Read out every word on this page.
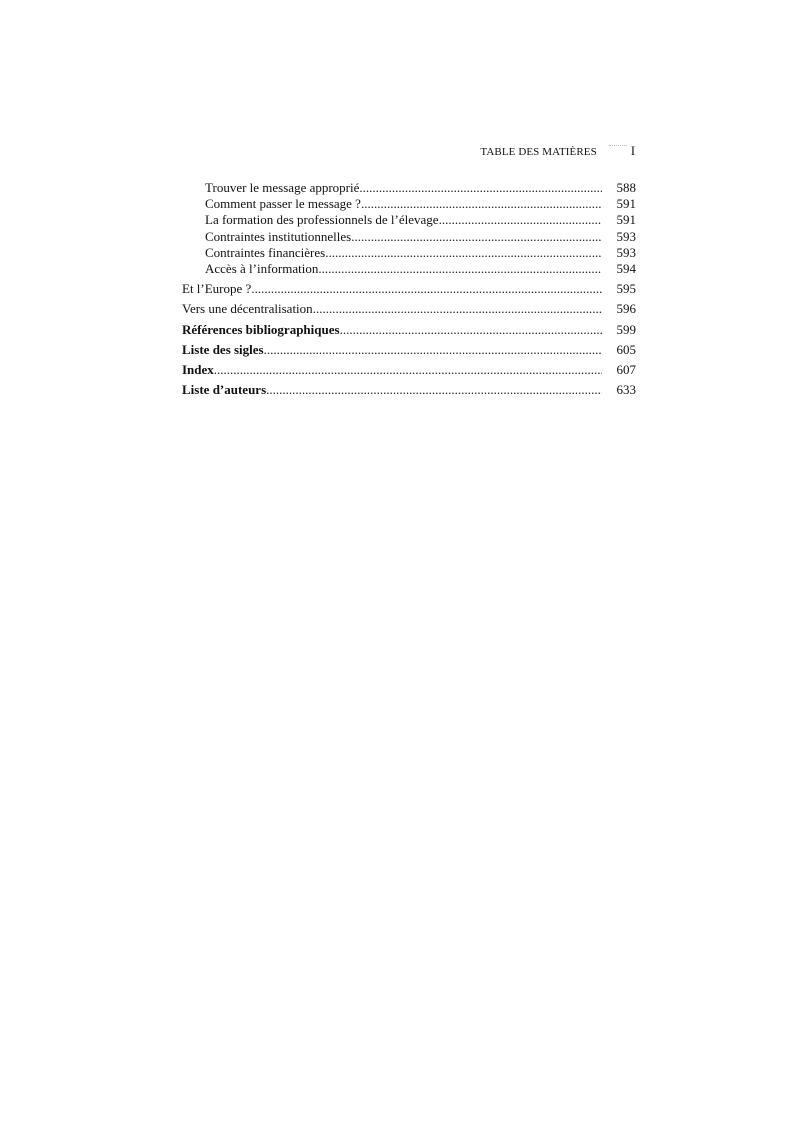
TABLE DES MATIÈRES	I
Trouver le message approprié .....	588
Comment passer le message ? .....	591
La formation des professionnels de l’élevage .....	591
Contraintes institutionnelles .....	593
Contraintes financières .....	593
Accès à l’information .....	594
Et l’Europe ? .....	595
Vers une décentralisation .....	596
Références bibliographiques .....	599
Liste des sigles .....	605
Index .....	607
Liste d’auteurs .....	633
